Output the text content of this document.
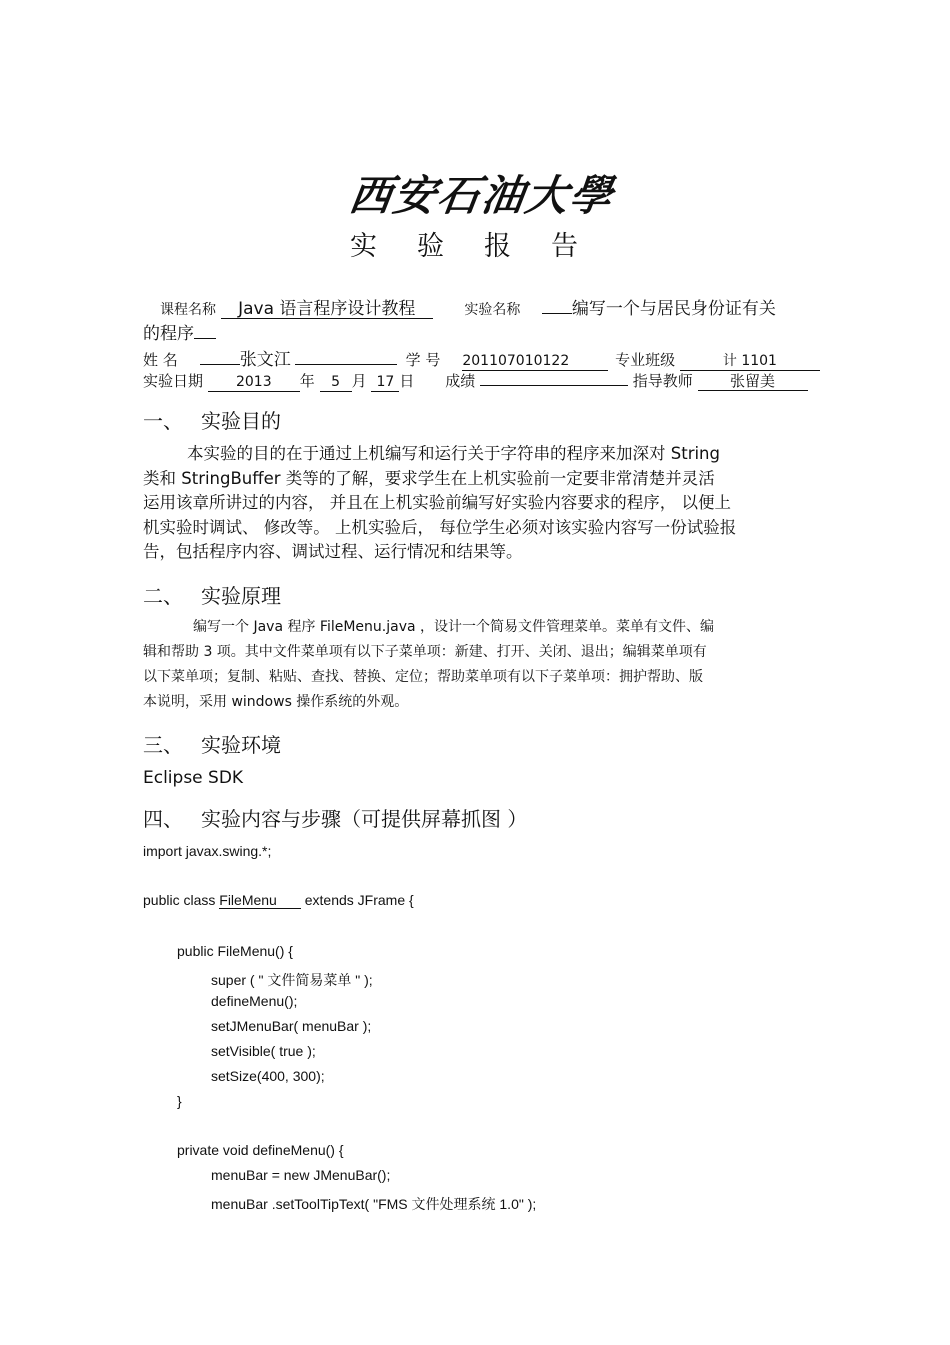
西安石油大學
实验报告
课程名称 Java 语言程序设计教程	实验名称	编写一个与居民身份证有关
的程序
姓 名	张文江	学 号 201107010122	专业班级	计 1101
实验日期 2013 年 5 月 17 日 成绩	指导教师 张留美
一、 实验目的
本实验的目的在于通过上机编写和运行关于字符串的程序来加深对 String
类和 StringBuffer 类等的了解，要求学生在上机实验前一定要非常清楚并灵活
运用该章所讲过的内容， 并且在上机实验前编写好实验内容要求的程序， 以便上
机实验时调试、 修改等。 上机实验后， 每位学生必须对该实验内容写一份试验报
告，包括程序内容、调试过程、运行情况和结果等。
二、 实验原理
编写一个 Java 程序 FileMenu.java ，设计一个简易文件管理菜单。菜单有文件、编
辑和帮助 3 项。其中文件菜单项有以下子菜单项：新建、打开、关闭、退出；编辑菜单项有
以下菜单项；复制、粘贴、查找、替换、定位；帮助菜单项有以下子菜单项：拥护帮助、版
本说明，采用 windows 操作系统的外观。
三、 实验环境
Eclipse SDK
四、 实验内容与步骤（可提供屏幕抓图 ）
import javax.swing.*;
public class FileMenu extends JFrame {
public FileMenu() {
super ( " 文件简易菜单 " );
defineMenu();
setJMenuBar( menuBar );
setVisible( true );
setSize(400, 300);
}
private void defineMenu() {
menuBar = new JMenuBar();
menuBar .setToolTipText( "FMS 文件处理系统 1.0" );
